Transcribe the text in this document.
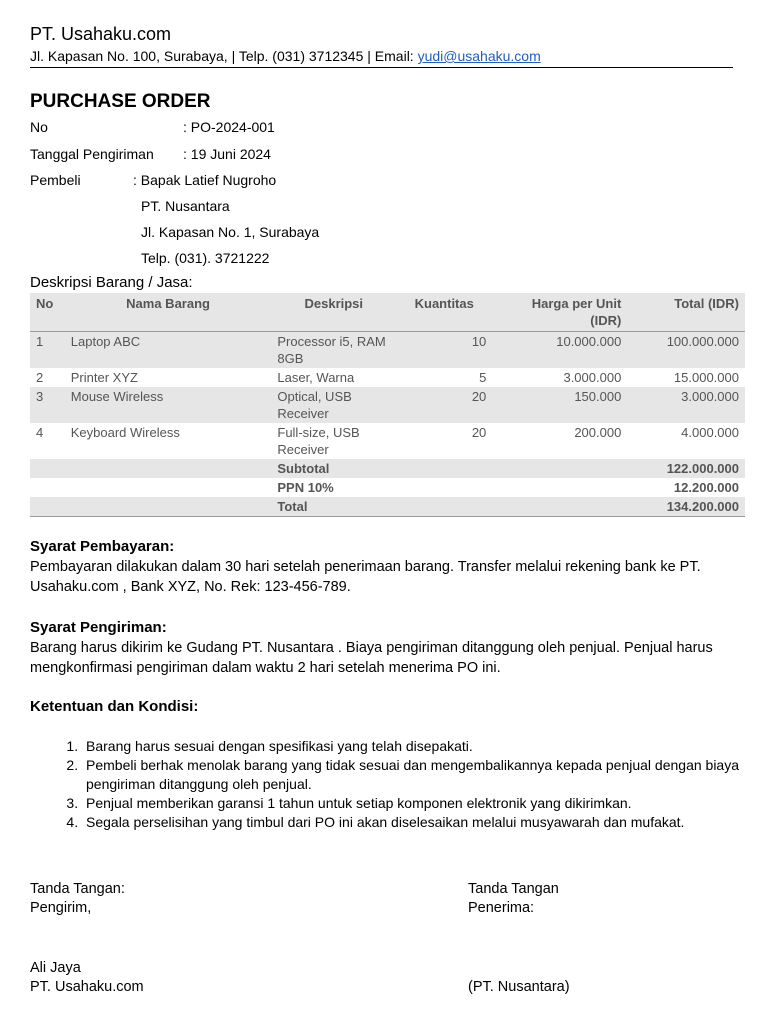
PT. Usahaku.com
Jl. Kapasan No. 100, Surabaya, | Telp. (031) 3712345 | Email: yudi@usahaku.com
PURCHASE ORDER
No	: PO-2024-001
Tanggal Pengiriman : 19 Juni 2024
Pembeli	: Bapak Latief Nugroho
PT. Nusantara
Jl. Kapasan No. 1, Surabaya
Telp. (031). 3721222
Deskripsi Barang / Jasa:
No	Nama Barang	Deskripsi	Kuantitas	Harga per Unit (IDR)	Total (IDR)
1	Laptop ABC	Processor i5, RAM 8GB	10	10.000.000	100.000.000
2	Printer XYZ	Laser, Warna	5	3.000.000	15.000.000
3	Mouse Wireless	Optical, USB Receiver	20	150.000	3.000.000
4	Keyboard Wireless	Full-size, USB Receiver	20	200.000	4.000.000
		Subtotal			122.000.000
		PPN 10%			12.200.000
		Total			134.200.000
Syarat Pembayaran:
Pembayaran dilakukan dalam 30 hari setelah penerimaan barang. Transfer melalui rekening bank ke PT. Usahaku.com , Bank XYZ, No. Rek: 123-456-789.
Syarat Pengiriman:
Barang harus dikirim ke Gudang PT. Nusantara . Biaya pengiriman ditanggung oleh penjual. Penjual harus mengkonfirmasi pengiriman dalam waktu 2 hari setelah menerima PO ini.
Ketentuan dan Kondisi:
1. Barang harus sesuai dengan spesifikasi yang telah disepakati.
2. Pembeli berhak menolak barang yang tidak sesuai dan mengembalikannya kepada penjual dengan biaya pengiriman ditanggung oleh penjual.
3. Penjual memberikan garansi 1 tahun untuk setiap komponen elektronik yang dikirimkan.
4. Segala perselisihan yang timbul dari PO ini akan diselesaikan melalui musyawarah dan mufakat.
Tanda Tangan:
Pengirim,
Ali Jaya
PT. Usahaku.com
Tanda Tangan
Penerima:
(PT. Nusantara)
